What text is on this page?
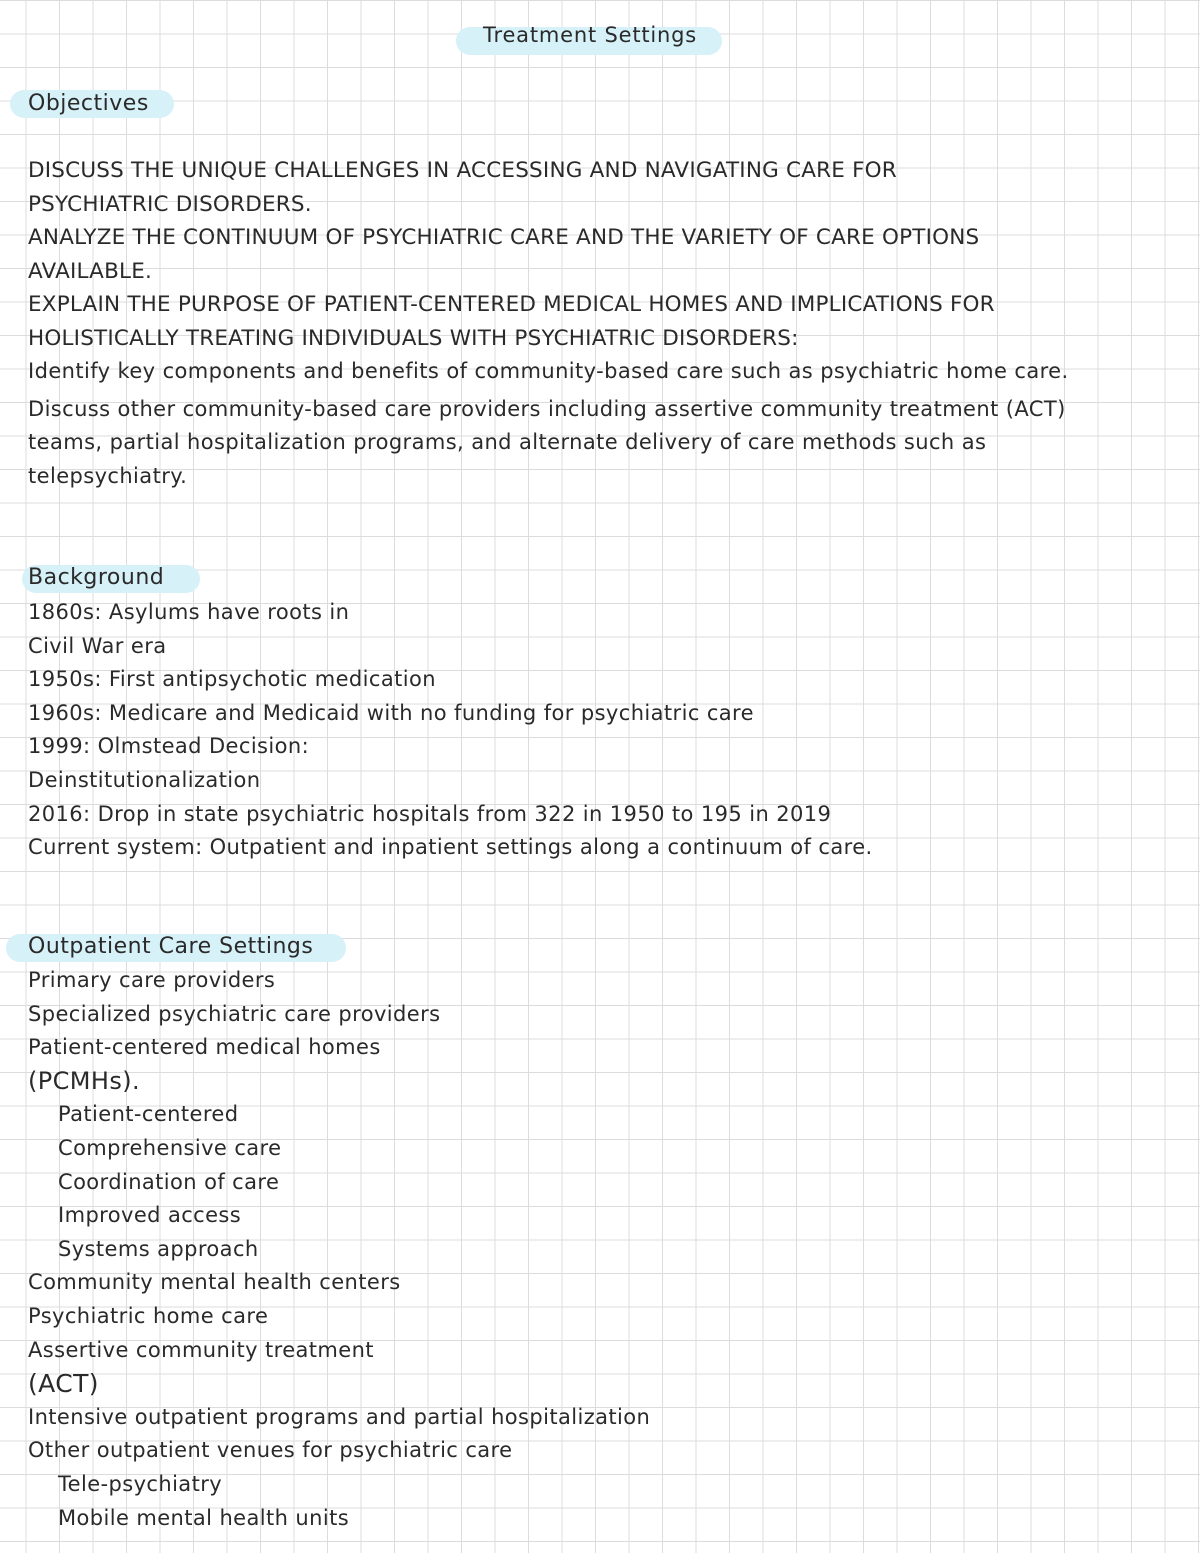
Treatment Settings
Objectives
DISCUSS THE UNIQUE CHALLENGES IN ACCESSING AND NAVIGATING CARE FOR
PSYCHIATRIC DISORDERS.
ANALYZE THE CONTINUUM OF PSYCHIATRIC CARE AND THE VARIETY OF CARE OPTIONS
AVAILABLE.
EXPLAIN THE PURPOSE OF PATIENT-CENTERED MEDICAL HOMES AND IMPLICATIONS FOR
HOLISTICALLY TREATING INDIVIDUALS WITH PSYCHIATRIC DISORDERS:
Identify key components and benefits of community-based care such as psychiatric home care.
Discuss other community-based care providers including assertive community treatment (ACT)
teams, partial hospitalization programs, and alternate delivery of care methods such as
telepsychiatry.
Background
1860s: Asylums have roots in
Civil War era
1950s: First antipsychotic medication
1960s: Medicare and Medicaid with no funding for psychiatric care
1999: Olmstead Decision:
Deinstitutionalization
2016: Drop in state psychiatric hospitals from 322 in 1950 to 195 in 2019
Current system: Outpatient and inpatient settings along a continuum of care.
Outpatient Care Settings
Primary care providers
Specialized psychiatric care providers
Patient-centered medical homes
(PCMHs).
Patient-centered
Comprehensive care
Coordination of care
Improved access
Systems approach
Community mental health centers
Psychiatric home care
Assertive community treatment
(ACT)
Intensive outpatient programs and partial hospitalization
Other outpatient venues for psychiatric care
Tele-psychiatry
Mobile mental health units
